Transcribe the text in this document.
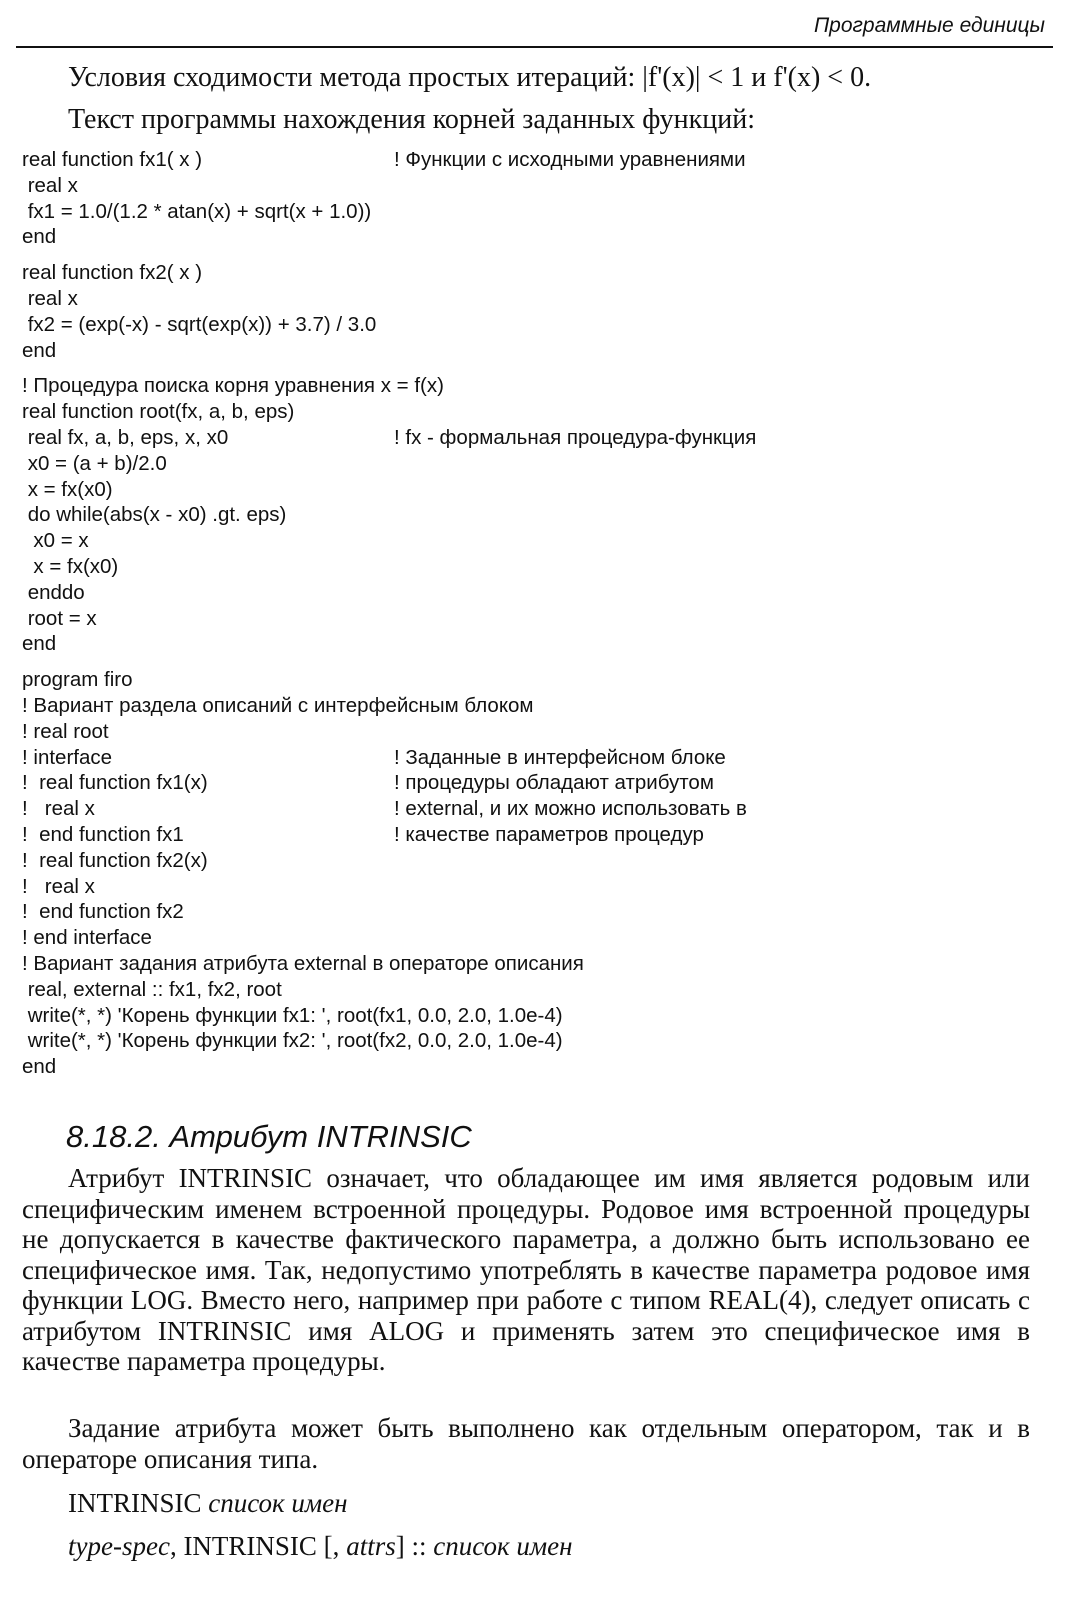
Программные единицы
Условия сходимости метода простых итераций: |f'(x)| < 1 и f'(x) < 0.
Текст программы нахождения корней заданных функций:
real function fx1( x )	! Функции с исходными уравнениями
real x
fx1 = 1.0/(1.2 * atan(x) + sqrt(x + 1.0))
end
real function fx2( x )
real x
fx2 = (exp(-x) - sqrt(exp(x)) + 3.7) / 3.0
end
! Процедура поиска корня уравнения x = f(x)
real function root(fx, a, b, eps)
real fx, a, b, eps, x, x0	! fx - формальная процедура-функция
x0 = (a + b)/2.0
x = fx(x0)
do while(abs(x - x0) .gt. eps)
x0 = x
x = fx(x0)
enddo
root = x
end
program firo
! Вариант раздела описаний с интерфейсным блоком
! real root
! interface	! Заданные в интерфейсном блоке
!  real function fx1(x)	! процедуры обладают атрибутом
!   real x	! external, и их можно использовать в
!  end function fx1	! качестве параметров процедур
!  real function fx2(x)
!   real x
!  end function fx2
! end interface
! Вариант задания атрибута external в операторе описания
real, external :: fx1, fx2, root
write(*, *) 'Корень функции fx1: ', root(fx1, 0.0, 2.0, 1.0e-4)
write(*, *) 'Корень функции fx2: ', root(fx2, 0.0, 2.0, 1.0e-4)
end
8.18.2. Атрибут INTRINSIC
Атрибут INTRINSIC означает, что обладающее им имя является родовым или специфическим именем встроенной процедуры. Родовое имя встроенной процедуры не допускается в качестве фактического параметра, а должно быть использовано ее специфическое имя. Так, недопустимо употреблять в качестве параметра родовое имя функции LOG. Вместо него, например при работе с типом REAL(4), следует описать с атрибутом INTRINSIC имя ALOG и применять затем это специфическое имя в качестве параметра процедуры.
Задание атрибута может быть выполнено как отдельным оператором, так и в операторе описания типа.
INTRINSIC список имен
type-spec, INTRINSIC [, attrs] :: список имен
